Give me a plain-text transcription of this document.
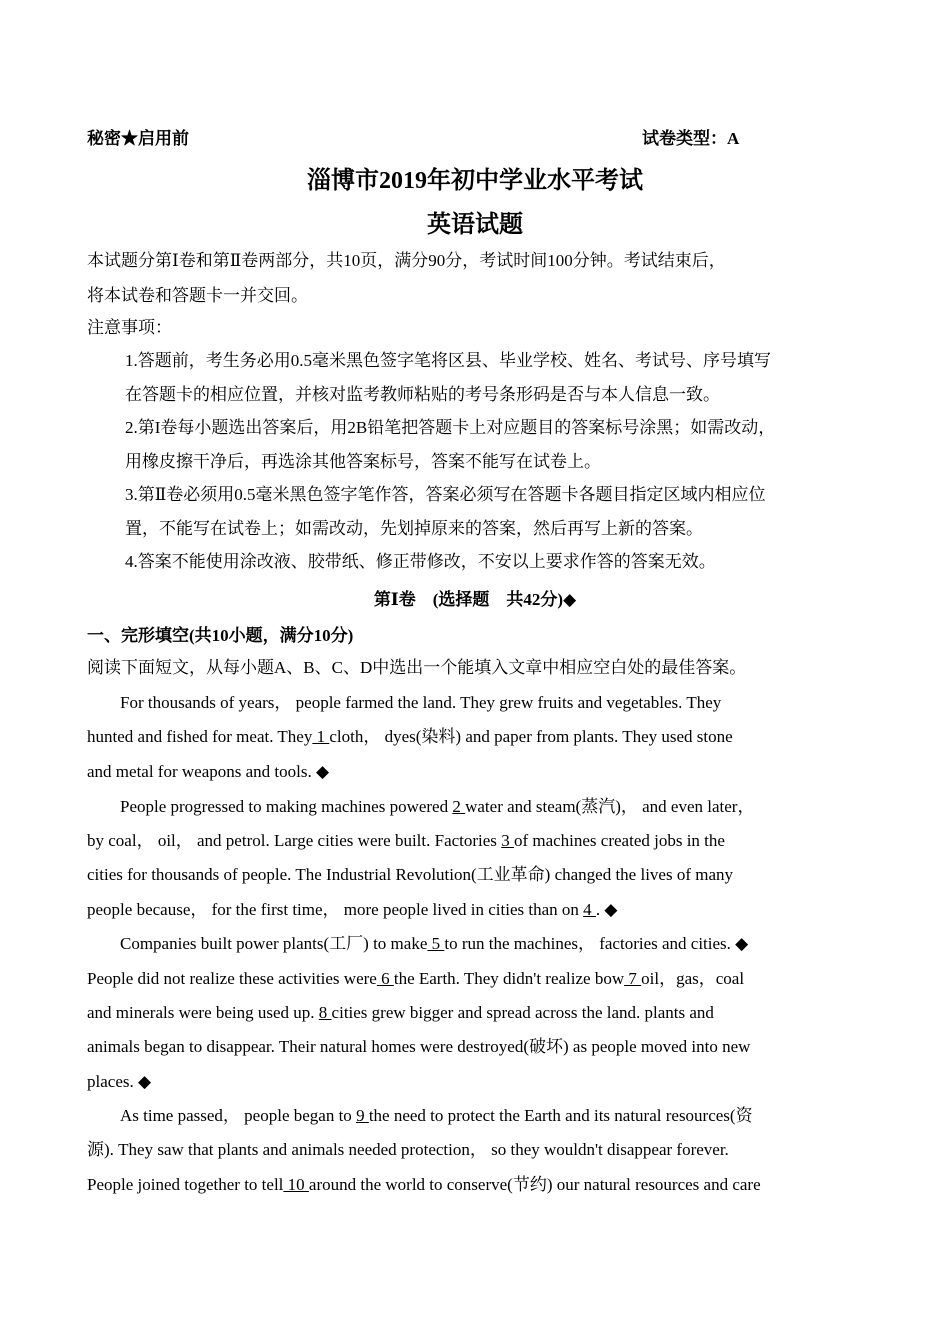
秘密★启用前	试卷类型：A
淄博市2019年初中学业水平考试
英语试题
本试题分第Ⅰ卷和第Ⅱ卷两部分，共10页，满分90分，考试时间100分钟。考试结束后，
将本试卷和答题卡一并交回。
注意事项：
1.答题前，考生务必用0.5毫米黑色签字笔将区县、毕业学校、姓名、考试号、序号填写
在答题卡的相应位置，并核对监考教师粘贴的考号条形码是否与本人信息一致。
2.第I卷每小题选出答案后，用2B铅笔把答题卡上对应题目的答案标号涂黑；如需改动，
用橡皮擦干净后，再选涂其他答案标号，答案不能写在试卷上。
3.第Ⅱ卷必须用0.5毫米黑色签字笔作答，答案必须写在答题卡各题目指定区域内相应位
置，不能写在试卷上；如需改动，先划掉原来的答案，然后再写上新的答案。
4.答案不能使用涂改液、胶带纸、修正带修改，不安以上要求作答的答案无效。
第Ⅰ卷　(选择题　共42分)◆
一、完形填空(共10小题，满分10分)
阅读下面短文，从每小题A、B、C、D中选出一个能填入文章中相应空白处的最佳答案。
For thousands of years， people farmed the land. They grew fruits and vegetables. They
hunted and fished for meat. They 1 cloth， dyes(染料) and paper from plants. They used stone
and metal for weapons and tools. ◆
People progressed to making machines powered 2 water and steam(蒸汽)， and even later，
by coal， oil， and petrol. Large cities were built. Factories 3 of machines created jobs in the
cities for thousands of people. The Industrial Revolution(工业革命) changed the lives of many
people because， for the first time， more people lived in cities than on 4 . ◆
Companies built power plants(工厂) to make 5 to run the machines， factories and cities. ◆
People did not realize these activities were 6 the Earth. They didn't realize bow 7 oil，gas，coal
and minerals were being used up. 8 cities grew bigger and spread across the land. plants and
animals began to disappear. Their natural homes were destroyed(破坏) as people moved into new
places. ◆
As time passed， people began to 9 the need to protect the Earth and its natural resources(资
源). They saw that plants and animals needed protection， so they wouldn't disappear forever.
People joined together to tell 10 around the world to conserve(节约) our natural resources and care
